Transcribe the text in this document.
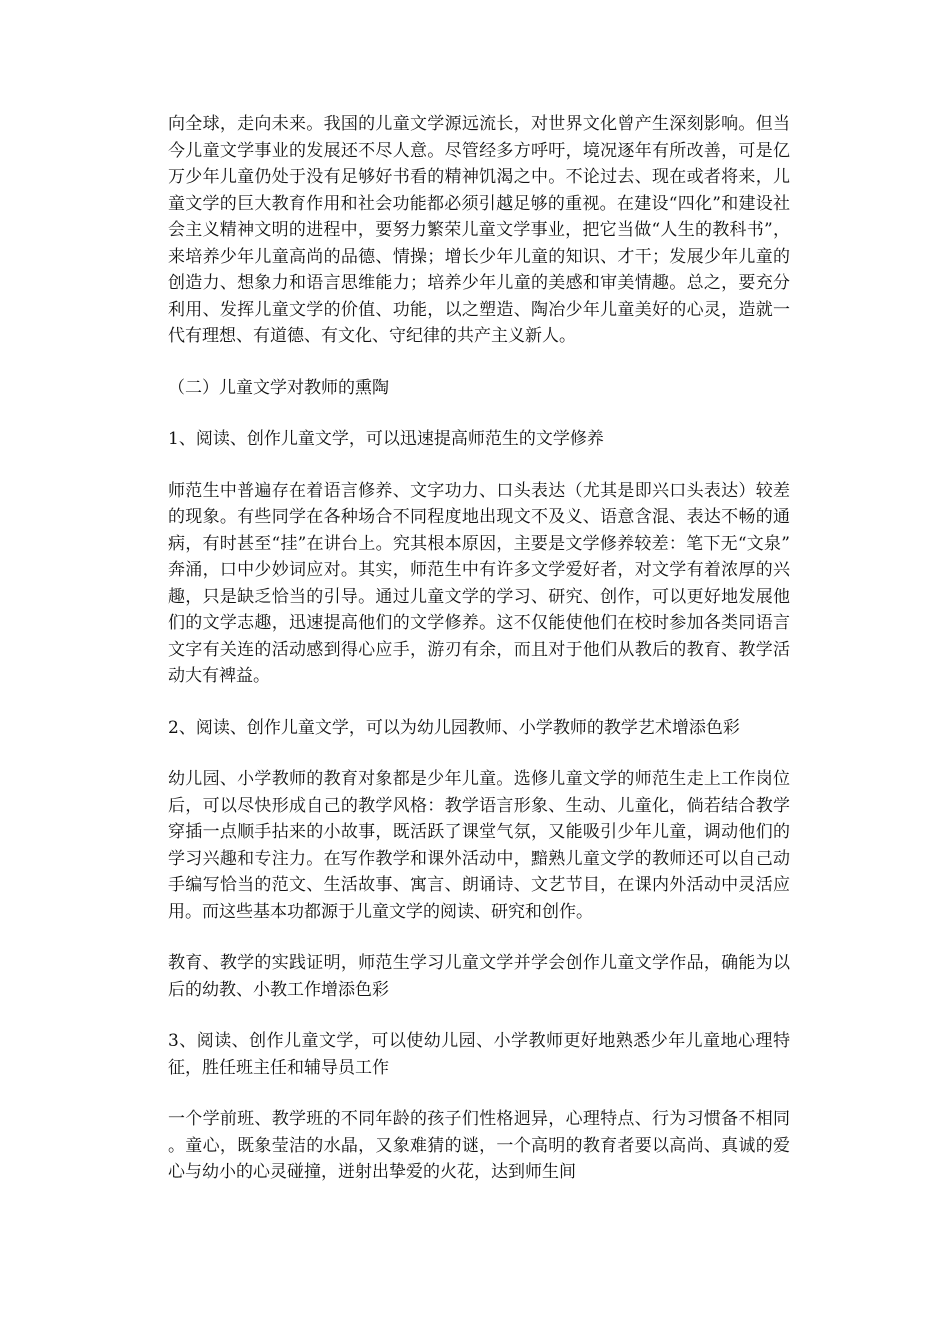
向全球，走向未来。我国的儿童文学源远流长，对世界文化曾产生深刻影响。但当今儿童文学事业的发展还不尽人意。尽管经多方呼吁，境况逐年有所改善，可是亿万少年儿童仍处于没有足够好书看的精神饥渴之中。不论过去、现在或者将来，儿童文学的巨大教育作用和社会功能都必须引越足够的重视。在建设“四化”和建设社会主义精神文明的进程中，要努力繁荣儿童文学事业，把它当做“人生的教科书”，来培养少年儿童高尚的品德、情操；增长少年儿童的知识、才干；发展少年儿童的创造力、想象力和语言思维能力；培养少年儿童的美感和审美情趣。总之，要充分利用、发挥儿童文学的价值、功能，以之塑造、陶冶少年儿童美好的心灵，造就一代有理想、有道德、有文化、守纪律的共产主义新人。

（二）儿童文学对教师的熏陶

1、阅读、创作儿童文学，可以迅速提高师范生的文学修养

师范生中普遍存在着语言修养、文字功力、口头表达（尤其是即兴口头表达）较差的现象。有些同学在各种场合不同程度地出现文不及义、语意含混、表达不畅的通病，有时甚至“挂”在讲台上。究其根本原因，主要是文学修养较差：笔下无“文泉”奔涌，口中少妙词应对。其实，师范生中有许多文学爱好者，对文学有着浓厚的兴趣，只是缺乏恰当的引导。通过儿童文学的学习、研究、创作，可以更好地发展他们的文学志趣，迅速提高他们的文学修养。这不仅能使他们在校时参加各类同语言文字有关连的活动感到得心应手，游刃有余，而且对于他们从教后的教育、教学活动大有裨益。

2、阅读、创作儿童文学，可以为幼儿园教师、小学教师的教学艺术增添色彩

幼儿园、小学教师的教育对象都是少年儿童。选修儿童文学的师范生走上工作岗位后，可以尽快形成自己的教学风格：教学语言形象、生动、儿童化，倘若结合教学穿插一点顺手拈来的小故事，既活跃了课堂气氛，又能吸引少年儿童，调动他们的学习兴趣和专注力。在写作教学和课外活动中，黯熟儿童文学的教师还可以自己动手编写恰当的范文、生活故事、寓言、朗诵诗、文艺节目，在课内外活动中灵活应用。而这些基本功都源于儿童文学的阅读、研究和创作。

教育、教学的实践证明，师范生学习儿童文学并学会创作儿童文学作品，确能为以后的幼教、小教工作增添色彩

3、阅读、创作儿童文学，可以使幼儿园、小学教师更好地熟悉少年儿童地心理特征，胜任班主任和辅导员工作

一个学前班、教学班的不同年龄的孩子们性格迥异，心理特点、行为习惯备不相同。童心，既象莹洁的水晶，又象难猜的谜，一个高明的教育者要以高尚、真诚的爱心与幼小的心灵碰撞，迸射出挚爱的火花，达到师生间
